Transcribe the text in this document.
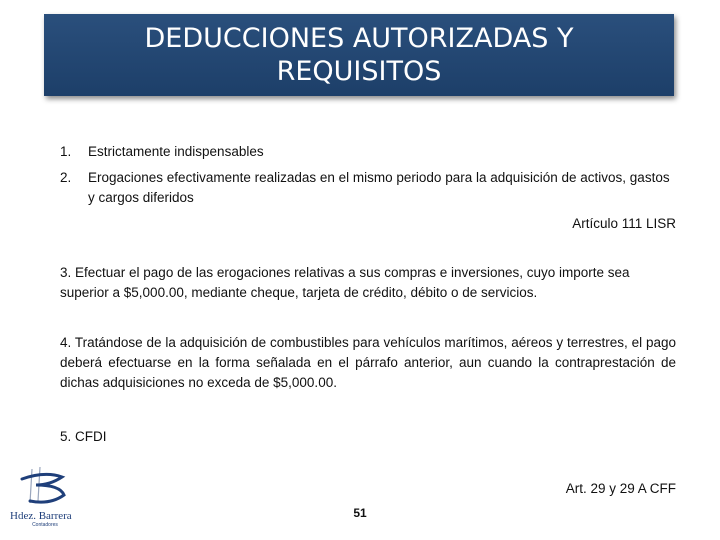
DEDUCCIONES AUTORIZADAS Y
REQUISITOS
1. Estrictamente indispensables
2. Erogaciones efectivamente realizadas en el mismo periodo para la adquisición de activos, gastos y cargos diferidos
Artículo 111 LISR

3. Efectuar el pago de las erogaciones relativas a sus compras e inversiones, cuyo importe sea superior a $5,000.00, mediante cheque, tarjeta de crédito, débito o de servicios.

4. Tratándose de la adquisición de combustibles para vehículos marítimos, aéreos y terrestres, el pago deberá efectuarse en la forma señalada en el párrafo anterior, aun cuando la contraprestación de dichas adquisiciones no exceda de $5,000.00.

5. CFDI

Art. 29 y 29 A CFF
Hdez. Barrera
Contadores
51
